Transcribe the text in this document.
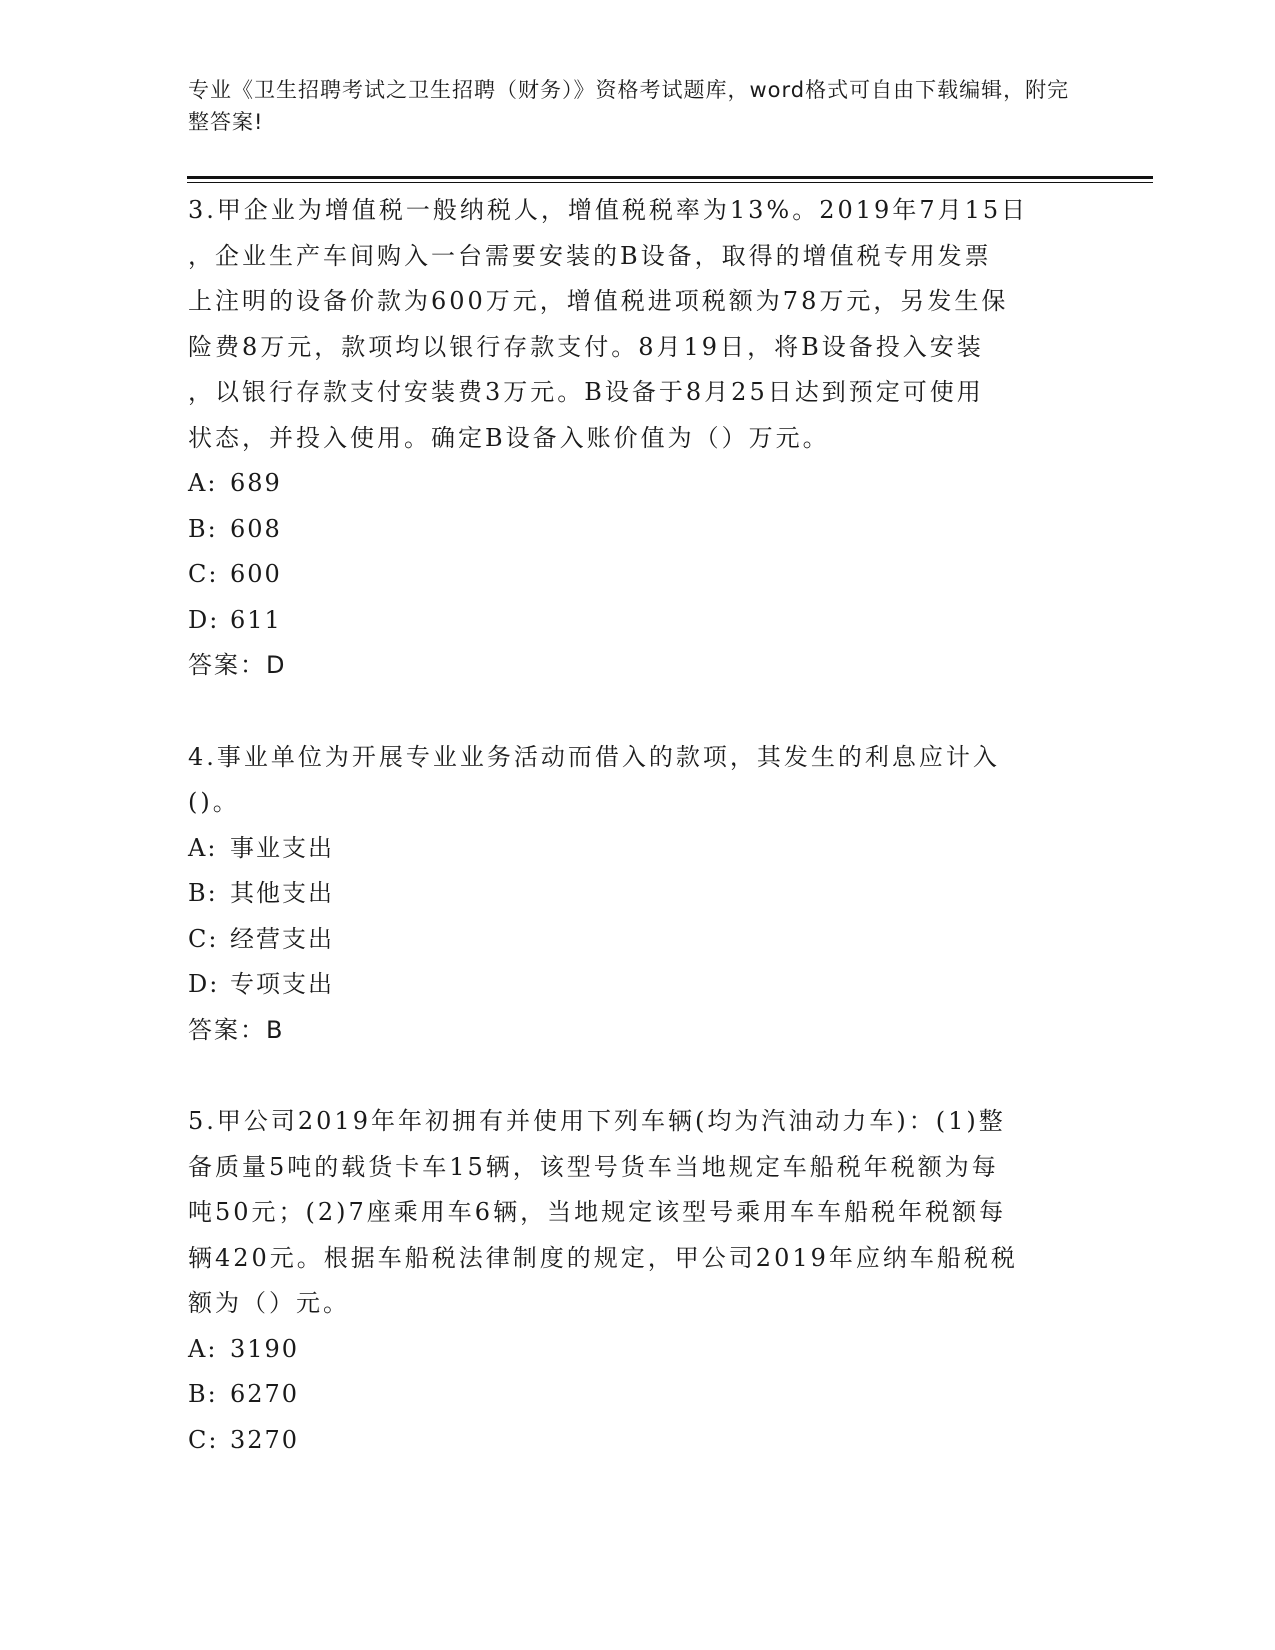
专业《卫生招聘考试之卫生招聘（财务）》资格考试题库，word格式可自由下载编辑，附完整答案!

3.甲企业为增值税一般纳税人，增值税税率为13%。2019年7月15日

，企业生产车间购入一台需要安装的B设备，取得的增值税专用发票

上注明的设备价款为600万元，增值税进项税额为78万元，另发生保

险费8万元，款项均以银行存款支付。8月19日，将B设备投入安装

，以银行存款支付安装费3万元。B设备于8月25日达到预定可使用

状态，并投入使用。确定B设备入账价值为（）万元。

A: 689

B: 608

C: 600

D: 611

答案：D

4.事业单位为开展专业业务活动而借入的款项，其发生的利息应计入

()。

A: 事业支出

B: 其他支出

C: 经营支出

D: 专项支出

答案：B

5.甲公司2019年年初拥有并使用下列车辆(均为汽油动力车)：(1)整

备质量5吨的载货卡车15辆，该型号货车当地规定车船税年税额为每

吨50元；(2)7座乘用车6辆，当地规定该型号乘用车车船税年税额每

辆420元。根据车船税法律制度的规定，甲公司2019年应纳车船税税

额为（）元。

A: 3190

B: 6270

C: 3270
